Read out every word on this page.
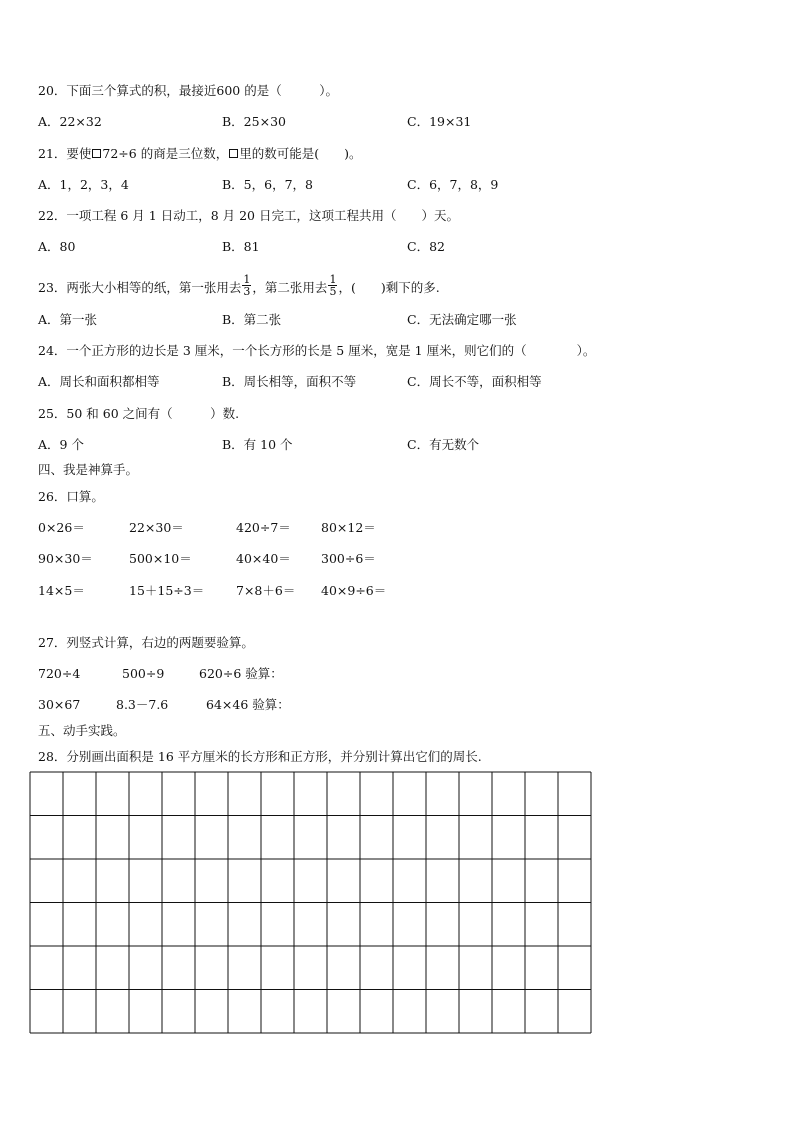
20．下面三个算式的积，最接近600 的是（　　　）。
A．22×32	B．25×30	C．19×31
21．要使 72÷6 的商是三位数， 里的数可能是(　　)。
A．1，2，3，4	B．5，6，7，8	C．6，7，8，9
22．一项工程 6 月 1 日动工，8 月 20 日完工，这项工程共用（　　）天。
A．80	B．81	C．82
23．两张大小相等的纸，第一张用去 $\frac{1}{3}$ ，第二张用去 $\frac{1}{5}$ ，(　　)剩下的多.
A．第一张	B．第二张	C．无法确定哪一张
24．一个正方形的边长是 3 厘米，一个长方形的长是 5 厘米，宽是 1 厘米，则它们的（　　　　）。
A．周长和面积都相等	B．周长相等，面积不等	C．周长不等，面积相等
25．50 和 60 之间有（　　　）数.
A．9 个	B．有 10 个	C．有无数个
四、我是神算手。
26．口算。
0×26＝	22×30＝	420÷7＝ 80×12＝
90×30＝	500×10＝	40×40＝ 300÷6＝
14×5＝	15＋15÷3＝	7×8＋6＝ 40×9÷6＝
27．列竖式计算，右边的两题要验算。
720÷4	500÷9	620÷6 验算：
30×67	8.3－7.6	64×46 验算：
五、动手实践。
28．分别画出面积是 16 平方厘米的长方形和正方形，并分别计算出它们的周长.
